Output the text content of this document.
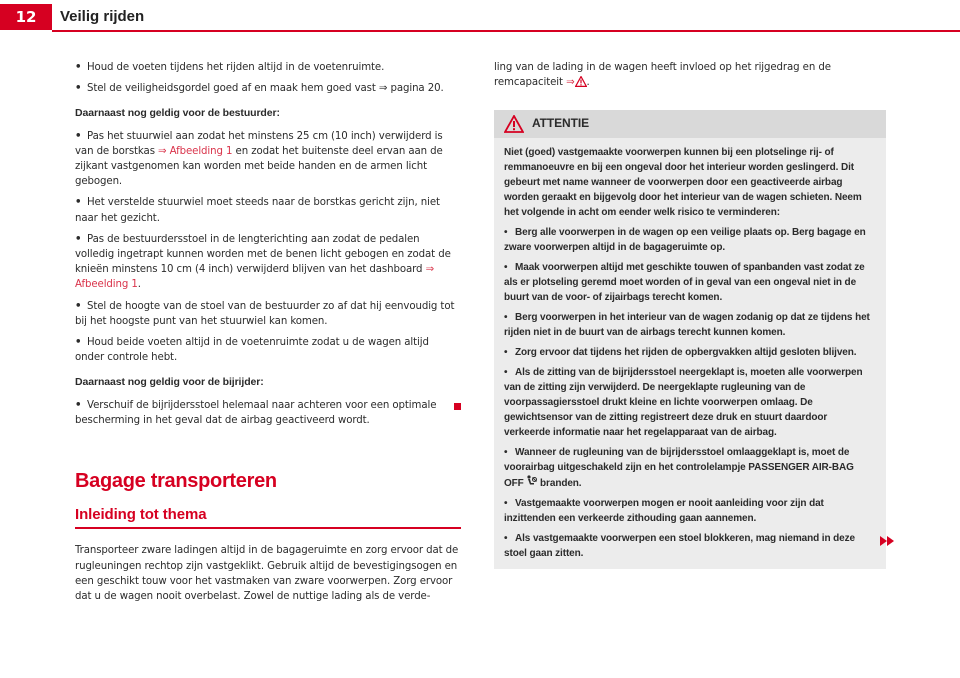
12	Veilig rijden

• Houd de voeten tijdens het rijden altijd in de voetenruimte.

• Stel de veiligheidsgordel goed af en maak hem goed vast ⇒ pagina 20.

Daarnaast nog geldig voor de bestuurder:

• Pas het stuurwiel aan zodat het minstens 25 cm (10 inch) verwijderd is van de borstkas ⇒ Afbeelding 1 en zodat het buitenste deel ervan aan de zijkant vastgenomen kan worden met beide handen en de armen licht gebogen.

• Het verstelde stuurwiel moet steeds naar de borstkas gericht zijn, niet naar het gezicht.

• Pas de bestuurdersstoel in de lengterichting aan zodat de pedalen volledig ingetrapt kunnen worden met de benen licht gebogen en zodat de knieën minstens 10 cm (4 inch) verwijderd blijven van het dashboard ⇒ Afbeelding 1.

• Stel de hoogte van de stoel van de bestuurder zo af dat hij eenvoudig tot bij het hoogste punt van het stuurwiel kan komen.

• Houd beide voeten altijd in de voetenruimte zodat u de wagen altijd onder controle hebt.

Daarnaast nog geldig voor de bijrijder:

• Verschuif de bijrijdersstoel helemaal naar achteren voor een optimale bescherming in het geval dat de airbag geactiveerd wordt.

Bagage transporteren
Inleiding tot thema

Transporteer zware ladingen altijd in de bagageruimte en zorg ervoor dat de rugleuningen rechtop zijn vastgeklikt. Gebruik altijd de bevestigingsogen en een geschikt touw voor het vastmaken van zware voorwerpen. Zorg ervoor dat u de wagen nooit overbelast. Zowel de nuttige lading als de verde-

ling van de lading in de wagen heeft invloed op het rijgedrag en de remcapaciteit ⇒ .

ATTENTIE

Niet (goed) vastgemaakte voorwerpen kunnen bij een plotselinge rij- of remmanoeuvre en bij een ongeval door het interieur worden geslingerd. Dit gebeurt met name wanneer de voorwerpen door een geactiveerde airbag worden geraakt en bijgevolg door het interieur van de wagen schieten. Neem het volgende in acht om eender welk risico te verminderen:

• Berg alle voorwerpen in de wagen op een veilige plaats op. Berg bagage en zware voorwerpen altijd in de bagageruimte op.

• Maak voorwerpen altijd met geschikte touwen of spanbanden vast zodat ze als er plotseling geremd moet worden of in geval van een ongeval niet in de buurt van de voor- of zijairbags terecht komen.

• Berg voorwerpen in het interieur van de wagen zodanig op dat ze tijdens het rijden niet in de buurt van de airbags terecht kunnen komen.

• Zorg ervoor dat tijdens het rijden de opbergvakken altijd gesloten blijven.

• Als de zitting van de bijrijdersstoel neergeklapt is, moeten alle voorwerpen van de zitting zijn verwijderd. De neergeklapte rugleuning van de voorpassagiersstoel drukt kleine en lichte voorwerpen omlaag. De gewichtsensor van de zitting registreert deze druk en stuurt daardoor verkeerde informatie naar het regelapparaat van de airbag.

• Wanneer de rugleuning van de bijrijdersstoel omlaaggeklapt is, moet de voorairbag uitgeschakeld zijn en het controlelampje PASSENGER AIR-BAG OFF  branden.

• Vastgemaakte voorwerpen mogen er nooit aanleiding voor zijn dat inzittenden een verkeerde zithouding gaan aannemen.

• Als vastgemaakte voorwerpen een stoel blokkeren, mag niemand in deze stoel gaan zitten.
